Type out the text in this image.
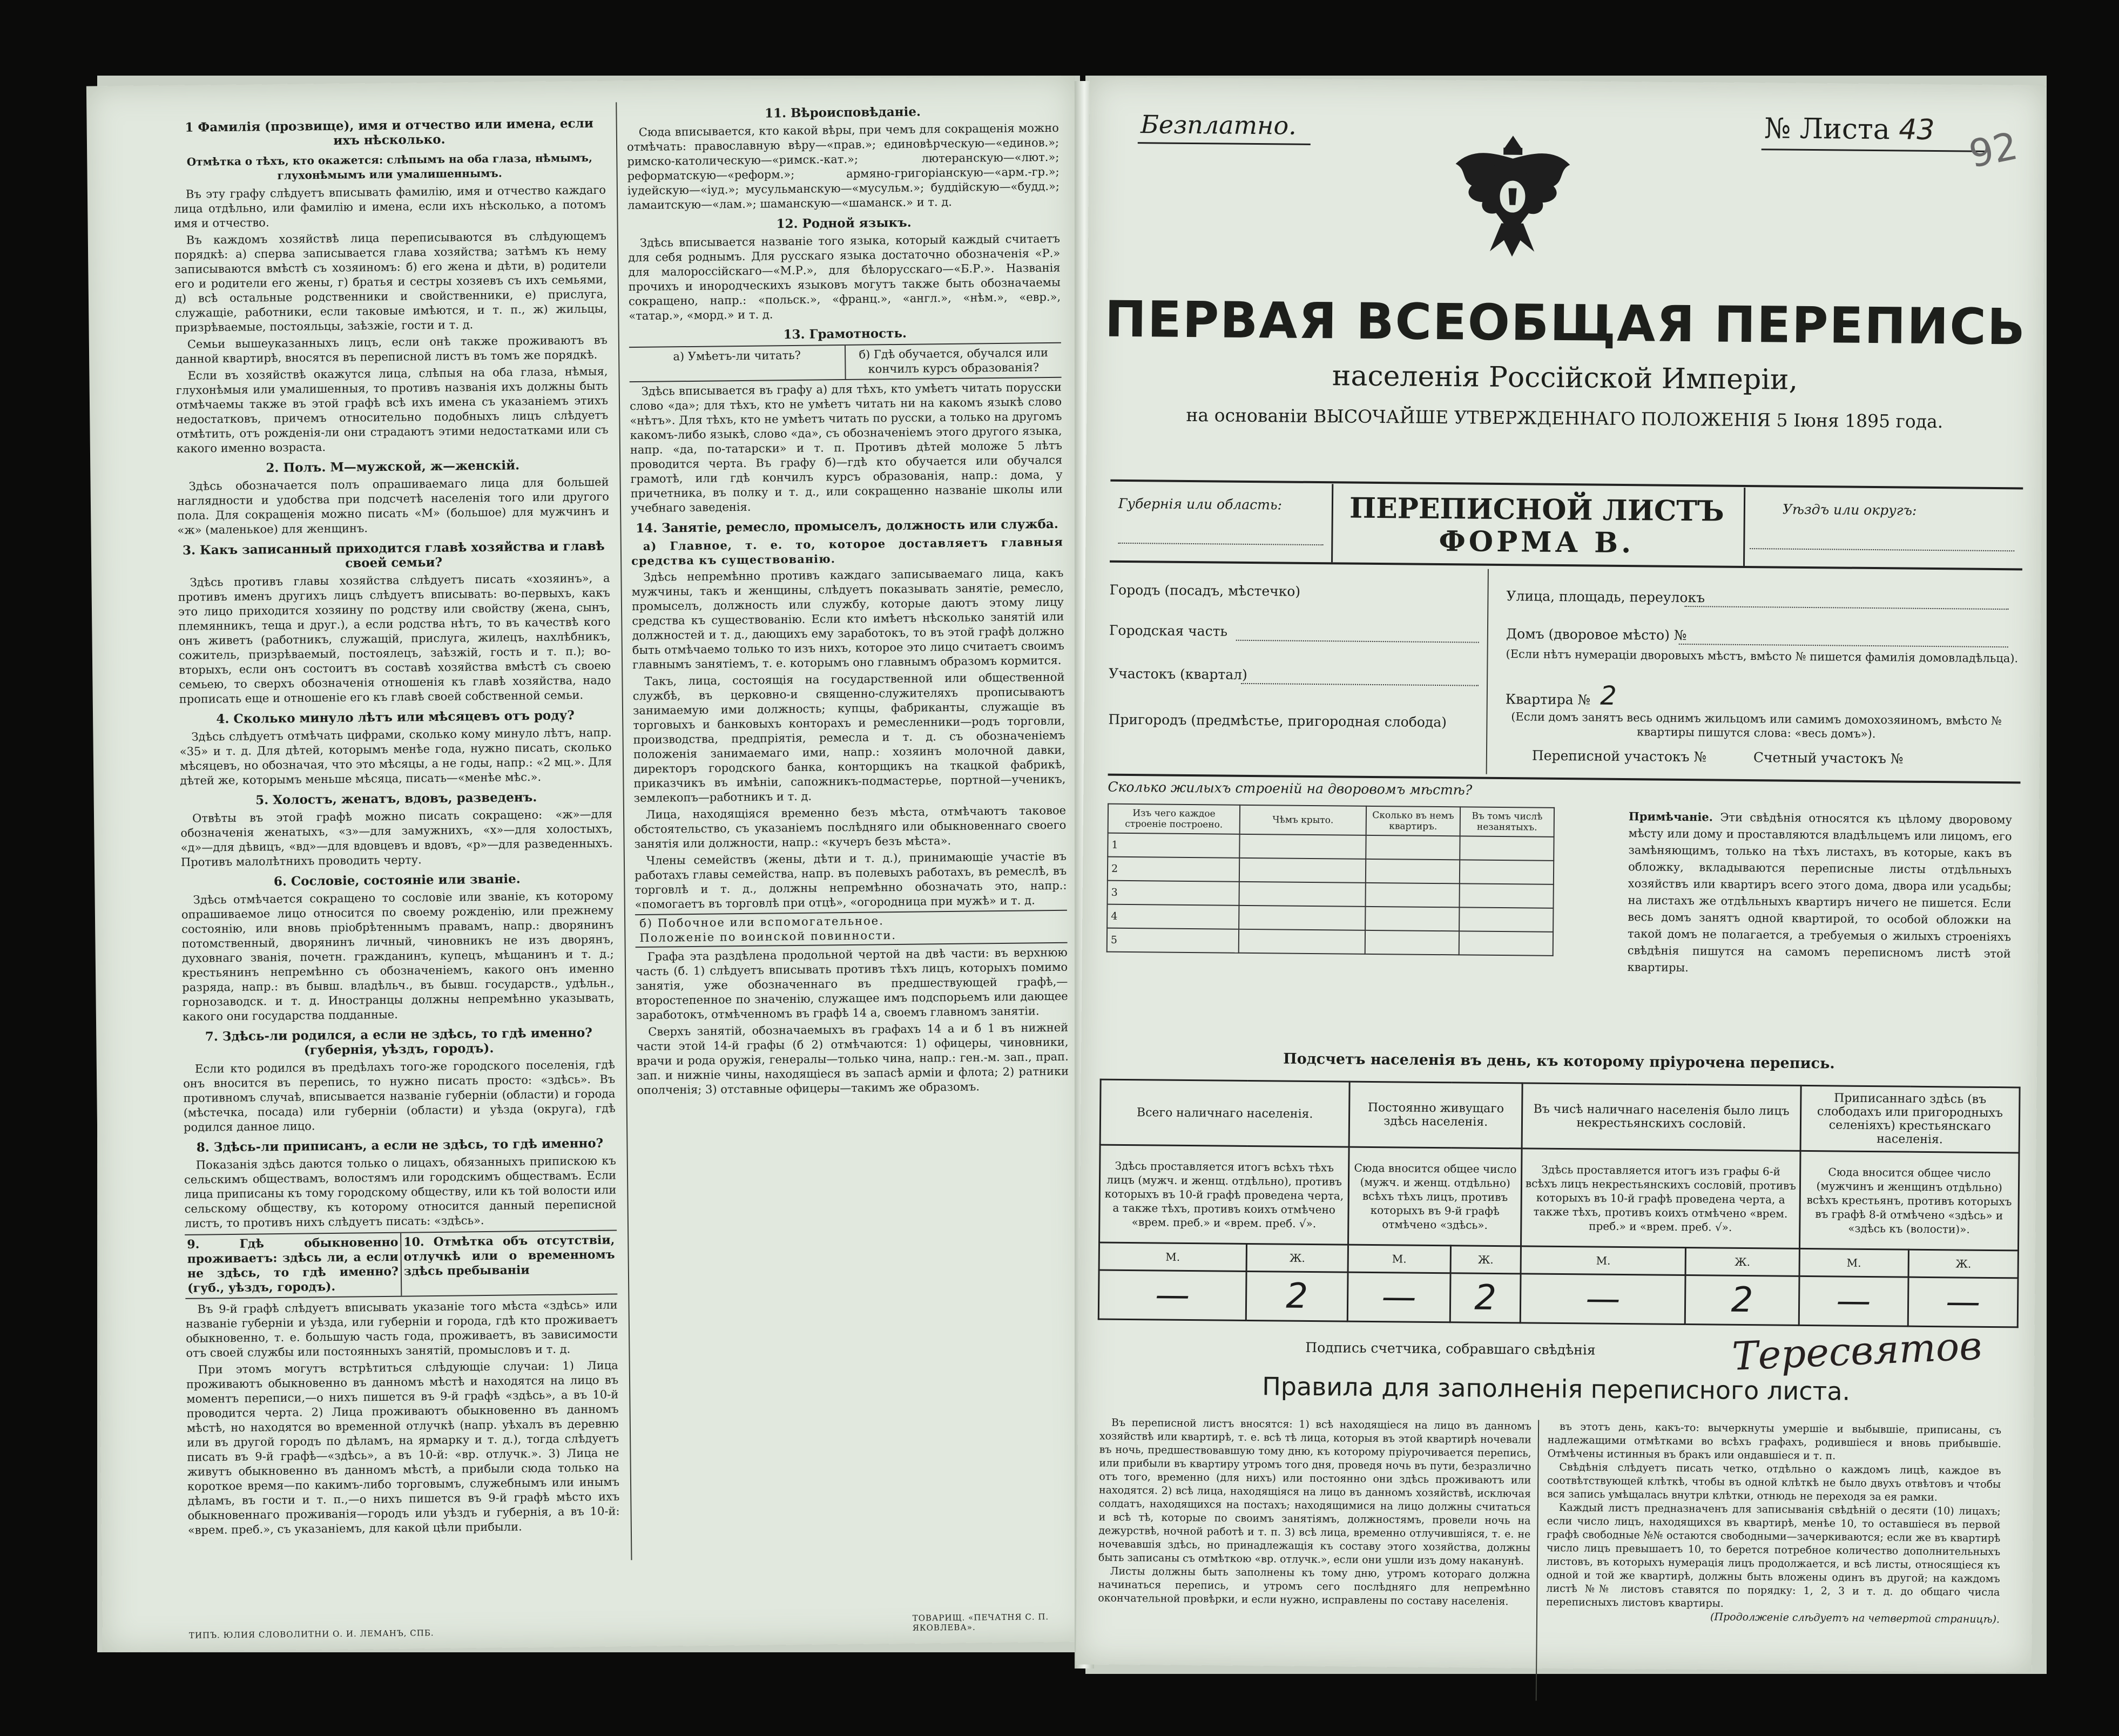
1 Фамилія (прозвище), имя и отчество или имена, если ихъ нѣсколько.
Отмѣтка о тѣхъ, кто окажется: слѣпымъ на оба глаза, нѣмымъ, глухонѣмымъ или умалишеннымъ.

Въ эту графу слѣдуетъ вписывать фамилію, имя и отчество каждаго лица отдѣльно, или фамилію и имена, если ихъ нѣсколько, а потомъ имя и отчество.

Въ каждомъ хозяйствѣ лица переписываются въ слѣдующемъ порядкѣ: а) сперва записывается глава хозяйства; затѣмъ къ нему записываются вмѣстѣ съ хозяиномъ: б) его жена и дѣти, в) родители его и родители его жены, г) братья и сестры хозяевъ съ ихъ семьями, д) всѣ остальные родственники и свойственники, е) прислуга, служащіе, работники, если таковые имѣются, и т. п., ж) жильцы, призрѣваемые, постояльцы, заѣзжіе, гости и т. д.

Семьи вышеуказанныхъ лицъ, если онѣ также проживаютъ въ данной квартирѣ, вносятся въ переписной листъ въ томъ же порядкѣ.

Если въ хозяйствѣ окажутся лица, слѣпыя на оба глаза, нѣмыя, глухонѣмыя или умалишенныя, то противъ названія ихъ должны быть отмѣчаемы также въ этой графѣ всѣ ихъ имена съ указаніемъ этихъ недостатковъ, причемъ относительно подобныхъ лицъ слѣдуетъ отмѣтить, отъ рожденія-ли они страдаютъ этими недостатками или съ какого именно возраста.

2. Полъ. М—мужской, ж—женскій.

Здѣсь обозначается полъ опрашиваемаго лица для большей наглядности и удобства при подсчетѣ населенія того или другого пола. Для сокращенія можно писать «М» (большое) для мужчинъ и «ж» (маленькое) для женщинъ.

3. Какъ записанный приходится главѣ хозяйства и главѣ своей семьи?

Здѣсь противъ главы хозяйства слѣдуетъ писать «хозяинъ», а противъ именъ другихъ лицъ слѣдуетъ вписывать: во-первыхъ, какъ это лицо приходится хозяину по родству или свойству (жена, сынъ, племянникъ, теща и друг.), а если родства нѣтъ, то въ качествѣ кого онъ живетъ (работникъ, служащій, прислуга, жилецъ, нахлѣбникъ, сожитель, призрѣваемый, постоялецъ, заѣзжій, гость и т. п.); во-вторыхъ, если онъ состоитъ въ составѣ хозяйства вмѣстѣ съ своею семьею, то сверхъ обозначенія отношенія къ главѣ хозяйства, надо прописать еще и отношеніе его къ главѣ своей собственной семьи.

4. Сколько минуло лѣтъ или мѣсяцевъ отъ роду?

Здѣсь слѣдуетъ отмѣчать цифрами, сколько кому минуло лѣтъ, напр. «35» и т. д. Для дѣтей, которымъ менѣе года, нужно писать, сколько мѣсяцевъ, но обозначая, что это мѣсяцы, а не годы, напр.: «2 мц.». Для дѣтей же, которымъ меньше мѣсяца, писать—«менѣе мѣс.».

5. Холостъ, женатъ, вдовъ, разведенъ.

Отвѣты въ этой графѣ можно писать сокращено: «ж»—для обозначенія женатыхъ, «з»—для замужнихъ, «х»—для холостыхъ, «д»—для дѣвицъ, «вд»—для вдовцевъ и вдовъ, «р»—для разведенныхъ. Противъ малолѣтнихъ проводить черту.

6. Сословіе, состояніе или званіе.

Здѣсь отмѣчается сокращено то сословіе или званіе, къ которому опрашиваемое лицо относится по своему рожденію, или прежнему состоянію, или вновь пріобрѣтеннымъ правамъ, напр.: дворянинъ потомственный, дворянинъ личный, чиновникъ не изъ дворянъ, духовнаго званія, почетн. гражданинъ, купецъ, мѣщанинъ и т. д.; крестьянинъ непремѣнно съ обозначеніемъ, какого онъ именно разряда, напр.: въ бывш. владѣльч., въ бывш. государств., удѣльн., горнозаводск. и т. д. Иностранцы должны непремѣнно указывать, какого они государства подданные.

7. Здѣсь-ли родился, а если не здѣсь, то гдѣ именно? (губернія, уѣздъ, городъ).

Если кто родился въ предѣлахъ того-же городского поселенія, гдѣ онъ вносится въ перепись, то нужно писать просто: «здѣсь». Въ противномъ случаѣ, вписывается названіе губерніи (области) и города (мѣстечка, посада) или губерніи (области) и уѣзда (округа), гдѣ родился данное лицо.

8. Здѣсь-ли приписанъ, а если не здѣсь, то гдѣ именно?

Показанія здѣсь даются только о лицахъ, обязанныхъ припискою къ сельскимъ обществамъ, волостямъ или городскимъ обществамъ. Если лица приписаны къ тому городскому обществу, или къ той волости или сельскому обществу, къ которому относится данный переписной листъ, то противъ нихъ слѣдуетъ писать: «здѣсь».

9. Гдѣ обыкновенно проживаетъ: здѣсь ли, а если не здѣсь, то гдѣ именно? (губ., уѣздъ, городъ).
10. Отмѣтка объ отсутствіи, отлучкѣ или о временномъ здѣсь пребываніи

Въ 9-й графѣ слѣдуетъ вписывать указаніе того мѣста «здѣсь» или названіе губерніи и уѣзда, или губерніи и города, гдѣ кто проживаетъ обыкновенно, т. е. большую часть года, проживаетъ, въ зависимости отъ своей службы или постоянныхъ занятій, промысловъ и т. д.

При этомъ могутъ встрѣтиться слѣдующіе случаи: 1) Лица проживаютъ обыкновенно въ данномъ мѣстѣ и находятся на лицо въ моментъ переписи,—о нихъ пишется въ 9-й графѣ «здѣсь», а въ 10-й проводится черта. 2) Лица проживаютъ обыкновенно въ данномъ мѣстѣ, но находятся во временной отлучкѣ (напр. уѣхалъ въ деревню или въ другой городъ по дѣламъ, на ярмарку и т. д.), тогда слѣдуетъ писать въ 9-й графѣ—«здѣсь», а въ 10-й: «вр. отлучк.». 3) Лица не живутъ обыкновенно въ данномъ мѣстѣ, а прибыли сюда только на короткое время—по какимъ-либо торговымъ, служебнымъ или инымъ дѣламъ, въ гости и т. п.,—о нихъ пишется въ 9-й графѣ мѣсто ихъ обыкновеннаго проживанія—городъ или уѣздъ и губернія, а въ 10-й: «врем. преб.», съ указаніемъ, для какой цѣли прибыли.

11. Вѣроисповѣданіе.

Сюда вписывается, кто какой вѣры, при чемъ для сокращенія можно отмѣчать: православную вѣру—«прав.»; единовѣрческую—«единов.»; римско-католическую—«римск.-кат.»; лютеранскую—«лют.»; реформатскую—«реформ.»; армяно-григоріанскую—«арм.-гр.»; іудейскую—«іуд.»; мусульманскую—«мусульм.»; буддійскую—«будд.»; ламаитскую—«лам.»; шаманскую—«шаманск.» и т. д.

12. Родной языкъ.

Здѣсь вписывается названіе того языка, который каждый считаетъ для себя роднымъ. Для русскаго языка достаточно обозначенія «Р.» для малороссійскаго—«М.Р.», для бѣлорусскаго—«Б.Р.». Названія прочихъ и инородческихъ языковъ могутъ также быть обозначаемы сокращено, напр.: «польск.», «франц.», «англ.», «нѣм.», «евр.», «татар.», «морд.» и т. д.

13. Грамотность.
а) Умѣетъ-ли читать?	б) Гдѣ обучается, обучался или кончилъ курсъ образованія?

Здѣсь вписывается въ графу а) для тѣхъ, кто умѣетъ читать порусски слово «да»; для тѣхъ, кто не умѣетъ читать ни на какомъ языкѣ слово «нѣтъ». Для тѣхъ, кто не умѣетъ читать по русски, а только на другомъ какомъ-либо языкѣ, слово «да», съ обозначеніемъ этого другого языка, напр. «да, по-татарски» и т. п. Противъ дѣтей моложе 5 лѣтъ проводится черта. Въ графу б)—гдѣ кто обучается или обучался грамотѣ, или гдѣ кончилъ курсъ образованія, напр.: дома, у причетника, въ полку и т. д., или сокращенно названіе школы или учебнаго заведенія.

14. Занятіе, ремесло, промыселъ, должность или служба.

а) Главное, т. е. то, которое доставляетъ главныя средства къ существованію.

Здѣсь непремѣнно противъ каждаго записываемаго лица, какъ мужчины, такъ и женщины, слѣдуетъ показывать занятіе, ремесло, промыселъ, должность или службу, которые даютъ этому лицу средства къ существованію. Если кто имѣетъ нѣсколько занятій или должностей и т. д., дающихъ ему заработокъ, то въ этой графѣ должно быть отмѣчаемо только то изъ нихъ, которое это лицо считаетъ своимъ главнымъ занятіемъ, т. е. которымъ оно главнымъ образомъ кормится.

Такъ, лица, состоящія на государственной или общественной службѣ, въ церковно-и священно-служителяхъ прописываютъ занимаемую ими должность; купцы, фабриканты, служащіе въ торговыхъ и банковыхъ конторахъ и ремесленники—родъ торговли, производства, предпріятія, ремесла и т. д. съ обозначеніемъ положенія занимаемаго ими, напр.: хозяинъ молочной давки, директоръ городского банка, конторщикъ на ткацкой фабрикѣ, приказчикъ въ имѣніи, сапожникъ-подмастерье, портной—ученикъ, землекопъ—работникъ и т. д.

Лица, находящіяся временно безъ мѣста, отмѣчаютъ таковое обстоятельство, съ указаніемъ послѣдняго или обыкновеннаго своего занятія или должности, напр.: «кучеръ безъ мѣста».

Члены семействъ (жены, дѣти и т. д.), принимающіе участіе въ работахъ главы семейства, напр. въ полевыхъ работахъ, въ ремеслѣ, въ торговлѣ и т. д., должны непремѣнно обозначать это, напр.: «помогаетъ въ торговлѣ при отцѣ», «огородница при мужѣ» и т. д.

б) Побочное или вспомогательное.
Положеніе по воинской повинности.

Графа эта раздѣлена продольной чертой на двѣ части: въ верхнюю часть (б. 1) слѣдуетъ вписывать противъ тѣхъ лицъ, которыхъ помимо занятія, уже обозначеннаго въ предшествующей графѣ,—второстепенное по значенію, служащее имъ подспорьемъ или дающее заработокъ, отмѣченномъ въ графѣ 14 а, своемъ главномъ занятіи.

Сверхъ занятій, обозначаемыхъ въ графахъ 14 а и б 1 въ нижней части этой 14-й графы (б 2) отмѣчаются: 1) офицеры, чиновники, врачи и рода оружія, генералы—только чина, напр.: ген.-м. зап., прап. зап. и нижніе чины, находящіеся въ запасѣ арміи и флота; 2) ратники ополченія; 3) отставные офицеры—такимъ же образомъ.

ТИПЪ. ЮЛИЯ СЛОВОЛИТНИ О. И. ЛЕМАНЪ, СПБ.
ТОВАРИЩ. «ПЕЧАТНЯ С. П. ЯКОВЛЕВА».
Безплатно.	№ Листа 43 92
ПЕРВАЯ ВСЕОБЩАЯ ПЕРЕПИСЬ
населенія Россійской Имперіи,
на основаніи ВЫСОЧАЙШЕ УТВЕРЖДЕННАГО ПОЛОЖЕНІЯ 5 Іюня 1895 года.
Губернія или область:	ПЕРЕПИСНОЙ ЛИСТЪ
ФОРМА В.
Уѣздъ или округъ:
Городъ (посадъ, мѣстечко)
Городская часть
Участокъ (квартал)
Пригородъ (предмѣстье, пригородная слобода)
Улица, площадь, переулокъ
Домъ (дворовое мѣсто) №
(Если нѣтъ нумераціи дворовыхъ мѣстъ, вмѣсто № пишется фамилія домовладѣльца).
Квартира № 2
(Если домъ занятъ весь однимъ жильцомъ или самимъ домохозяиномъ, вмѣсто № квартиры пишутся слова: «весь домъ»).
Переписной участокъ №	Счетный участокъ №
Сколько жилыхъ строеній на дворовомъ мѣстѣ?
Изъ чего каждое строеніе построено.	Чѣмъ крыто.	Сколько въ немъ квартиръ.	Въ томъ числѣ незанятыхъ.
1			
2			
3			
4			
5			
Примѣчаніе. Эти свѣдѣнія относятся къ цѣлому дворовому мѣсту или дому и проставляются владѣльцемъ или лицомъ, его замѣняющимъ, только на тѣхъ листахъ, въ которые, какъ въ обложку, вкладываются переписные листы отдѣльныхъ хозяйствъ или квартиръ всего этого дома, двора или усадьбы; на листахъ же отдѣльныхъ квартиръ ничего не пишется. Если весь домъ занятъ одной квартирой, то особой обложки на такой домъ не полагается, а требуемыя о жилыхъ строеніяхъ свѣдѣнія пишутся на самомъ переписномъ листѣ этой квартиры.
Подсчетъ населенія въ день, къ которому пріурочена перепись.
Всего наличнаго населенія.		Постоянно живущаго здѣсь населенія.		Въ чисѣ наличнаго населенія было лицъ некрестьянскихъ сословій.		Приписаннаго здѣсь (въ слободахъ или пригородныхъ селеніяхъ) крестьянскаго населенія.	
Здѣсь проставляется итогъ всѣхъ тѣхъ лицъ (мужч. и женщ. отдѣльно), противъ которыхъ въ 10-й графѣ проведена черта, а также тѣхъ, противъ коихъ отмѣчено «врем. преб.» и «врем. преб. √».		Сюда вносится общее число (мужч. и женщ. отдѣльно) всѣхъ тѣхъ лицъ, противъ которыхъ въ 9-й графѣ отмѣчено «здѣсь».		Здѣсь проставляется итогъ изъ графы 6-й всѣхъ лицъ некрестьянскихъ сословій, противъ которыхъ въ 10-й графѣ проведена черта, а также тѣхъ, противъ коихъ отмѣчено «врем. преб.» и «врем. преб. √».		Сюда вносится общее число (мужчинъ и женщинъ отдѣльно) всѣхъ крестьянъ, противъ которыхъ въ графѣ 8-й отмѣчено «здѣсь» и «здѣсь къ (волости)».	
М.	Ж.	М.	Ж.	М.	Ж.	М.	Ж.
—	2	—	2	—	2	—	—
Подпись счетчика, собравшаго свѣдѣнія	Тересвятов
Правила для заполненія переписного листа.

Въ переписной листъ вносятся: 1) всѣ находящіеся на лицо въ данномъ хозяйствѣ или квартирѣ, т. е. всѣ тѣ лица, которыя въ этой квартирѣ ночевали въ ночь, предшествовавшую тому дню, къ которому пріурочивается перепись, или прибыли въ квартиру утромъ того дня, проведя ночь въ пути, безразлично отъ того, временно (для нихъ) или постоянно они здѣсь проживаютъ или находятся. 2) всѣ лица, находящіяся на лицо въ данномъ хозяйствѣ, исключая солдатъ, находящихся на постахъ; находящимися на лицо должны считаться и всѣ тѣ, которые по своимъ занятіямъ, должностямъ, провели ночь на дежурствѣ, ночной работѣ и т. п. 3) всѣ лица, временно отлучившіяся, т. е. не ночевавшія здѣсь, но принадлежащія къ составу этого хозяйства, должны быть записаны съ отмѣткою «вр. отлучк.», если они ушли изъ дому наканунѣ.

Листы должны быть заполнены къ тому дню, утромъ котораго должна начинаться перепись, и утромъ сего послѣдняго для непремѣнно окончательной провѣрки, и если нужно, исправлены по составу населенія.

въ этотъ день, какъ-то: вычеркнуты умершіе и выбывшіе, приписаны, съ надлежащими отмѣтками во всѣхъ графахъ, родившіеся и вновь прибывшіе. Отмѣчены истинныя въ бракъ или ондавшіеся и т. п.

Свѣдѣнія слѣдуетъ писать четко, отдѣльно о каждомъ лицѣ, каждое въ соотвѣтствующей клѣткѣ, чтобы въ одной клѣткѣ не было двухъ отвѣтовъ и чтобы вся запись умѣщалась внутри клѣтки, отнюдь не переходя за ея рамки.

Каждый листъ предназначенъ для записыванія свѣдѣній о десяти (10) лицахъ; если число лицъ, находящихся въ квартирѣ, менѣе 10, то оставшіеся въ первой графѣ свободные №№ остаются свободными—зачеркиваются; если же въ квартирѣ число лицъ превышаетъ 10, то берется потребное количество дополнительныхъ листовъ, въ которыхъ нумерація лицъ продолжается, и всѣ листы, относящіеся къ одной и той же квартирѣ, должны быть вложены одинъ въ другой; на каждомъ листѣ №№ листовъ ставятся по порядку: 1, 2, 3 и т. д. до общаго числа переписныхъ листовъ квартиры.

(Продолженіе слѣдуетъ на четвертой страницѣ).
